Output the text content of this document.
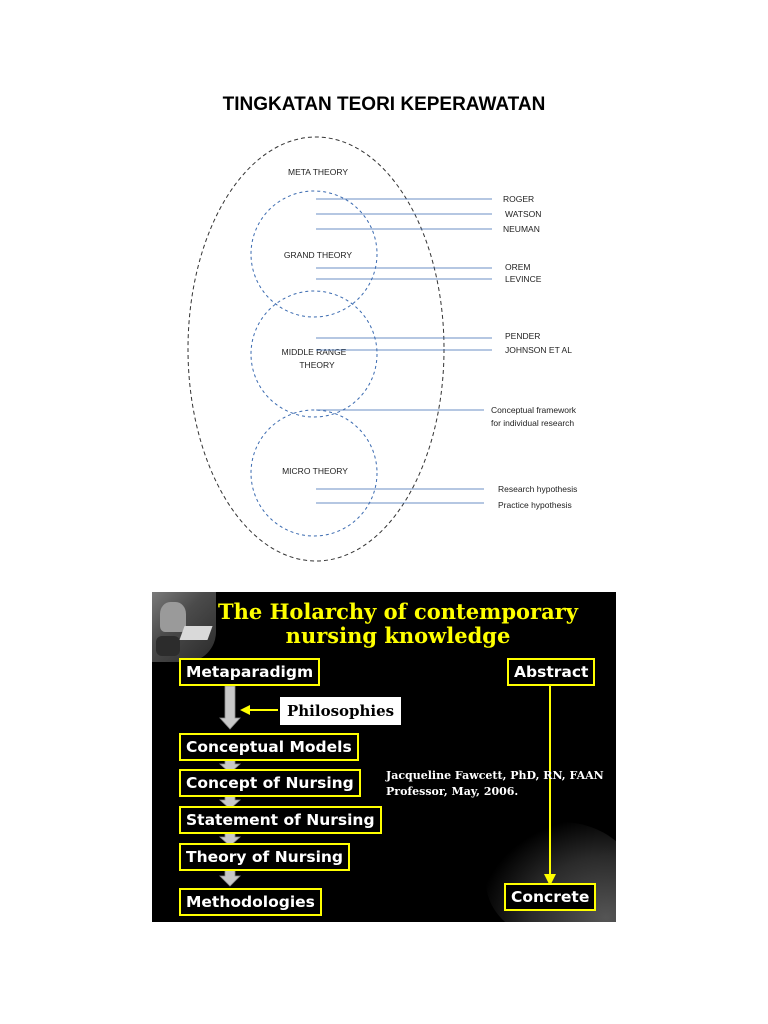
TINGKATAN TEORI KEPERAWATAN
META THEORY
GRAND THEORY
MIDDLE RANGE
THEORY
MICRO THEORY
ROGER
WATSON
NEUMAN
OREM
LEVINCE
PENDER
JOHNSON ET AL
Conceptual framework
for individual research
Research hypothesis
Practice hypothesis
The Holarchy of contemporary
nursing knowledge
Metaparadigm
Philosophies
Conceptual Models
Concept of Nursing
Statement of Nursing
Theory of Nursing
Methodologies
Abstract
Concrete
Jacqueline Fawcett, PhD, RN, FAAN
Professor, May, 2006.
